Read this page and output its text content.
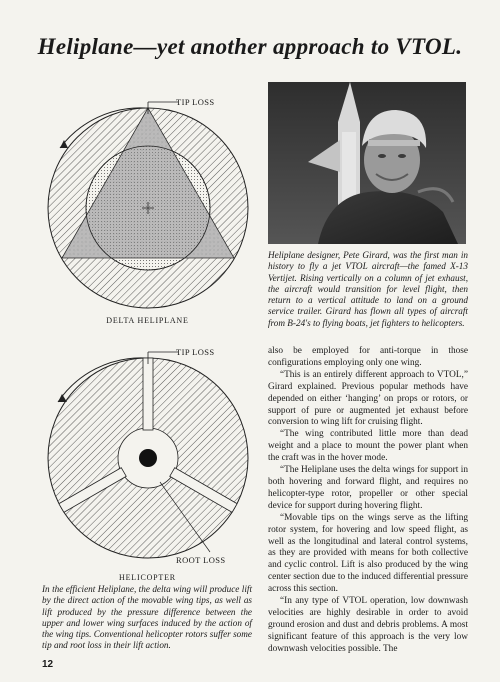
Heliplane—yet another approach to VTOL.
TIP LOSS
DELTA HELIPLANE
TIP LOSS
ROOT LOSS
HELICOPTER
Heliplane designer, Pete Girard, was the first man in history to fly a jet VTOL aircraft—the famed X-13 Vertijet. Rising vertically on a column of jet exhaust, the aircraft would transition for level flight, then return to a vertical attitude to land on a ground service trailer. Girard has flown all types of aircraft from B-24's to flying boats, jet fighters to helicopters.
In the efficient Heliplane, the delta wing will produce lift by the direct action of the movable wing tips, as well as lift produced by the pressure difference between the upper and lower wing surfaces induced by the action of the wing tips. Conventional helicopter rotors suffer some tip and root loss in their lift action.

also be employed for anti-torque in those configurations employing only one wing.

“This is an entirely different approach to VTOL,” Girard explained. Previous popular methods have depended on either ‘hanging’ on props or rotors, or support of pure or augmented jet exhaust before conversion to wing lift for cruising flight.

“The wing contributed little more than dead weight and a place to mount the power plant when the craft was in the hover mode.

“The Heliplane uses the delta wings for support in both hovering and forward flight, and requires no helicopter-type rotor, propeller or other special device for support during hovering flight.

“Movable tips on the wings serve as the lifting rotor system, for hovering and low speed flight, as well as the longitudinal and lateral control systems, as they are provided with means for both collective and cyclic control. Lift is also produced by the wing center section due to the induced differential pressure across this section.

“In any type of VTOL operation, low downwash velocities are highly desirable in order to avoid ground erosion and dust and debris problems. A most significant feature of this approach is the very low downwash velocities possible. The

12
